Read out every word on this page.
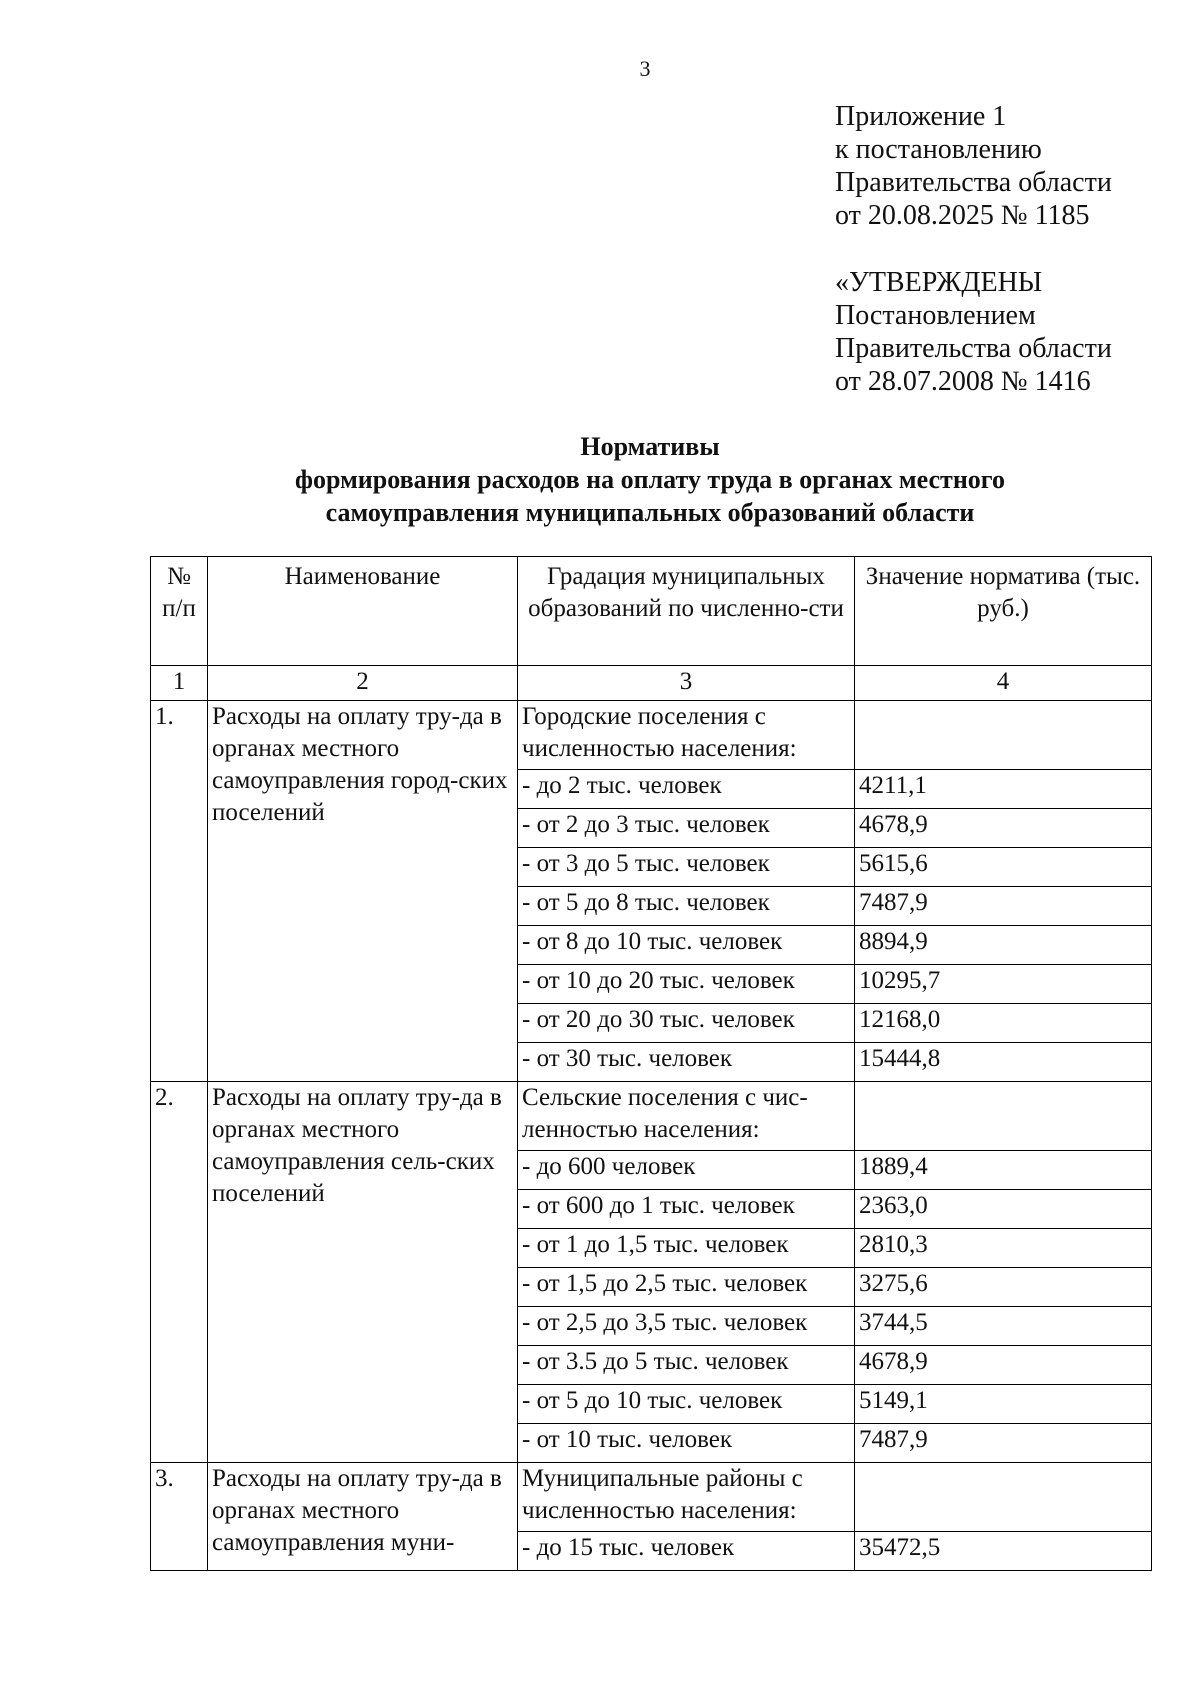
3
Приложение 1
к постановлению
Правительства области
от 20.08.2025 № 1185
«УТВЕРЖДЕНЫ
Постановлением
Правительства области
от 28.07.2008 № 1416
Нормативы
формирования расходов на оплату труда в органах местного
самоуправления муниципальных образований области
№ п/п	Наименование	Градация муниципальных образований по численно-сти	Значение норматива (тыс. руб.)
1	2	3	4
1.	Расходы на оплату тру-да в органах местного самоуправления город-ских поселений	Городские поселения с численностью населения:	
		- до 2 тыс. человек	4211,1
		- от 2 до 3 тыс. человек	4678,9
		- от 3 до 5 тыс. человек	5615,6
		- от 5 до 8 тыс. человек	7487,9
		- от 8 до 10 тыс. человек	8894,9
		- от 10 до 20 тыс. человек	10295,7
		- от 20 до 30 тыс. человек	12168,0
		- от 30 тыс. человек	15444,8
2.	Расходы на оплату тру-да в органах местного самоуправления сель-ских поселений	Сельские поселения с чис-ленностью населения:	
		- до 600 человек	1889,4
		- от 600 до 1 тыс. человек	2363,0
		- от 1 до 1,5 тыс. человек	2810,3
		- от 1,5 до 2,5 тыс. человек	3275,6
		- от 2,5 до 3,5 тыс. человек	3744,5
		- от 3.5 до 5 тыс. человек	4678,9
		- от 5 до 10 тыс. человек	5149,1
		- от 10 тыс. человек	7487,9
3.	Расходы на оплату тру-да в органах местного самоуправления муни-	Муниципальные районы с численностью населения:	
		- до 15 тыс. человек	35472,5
